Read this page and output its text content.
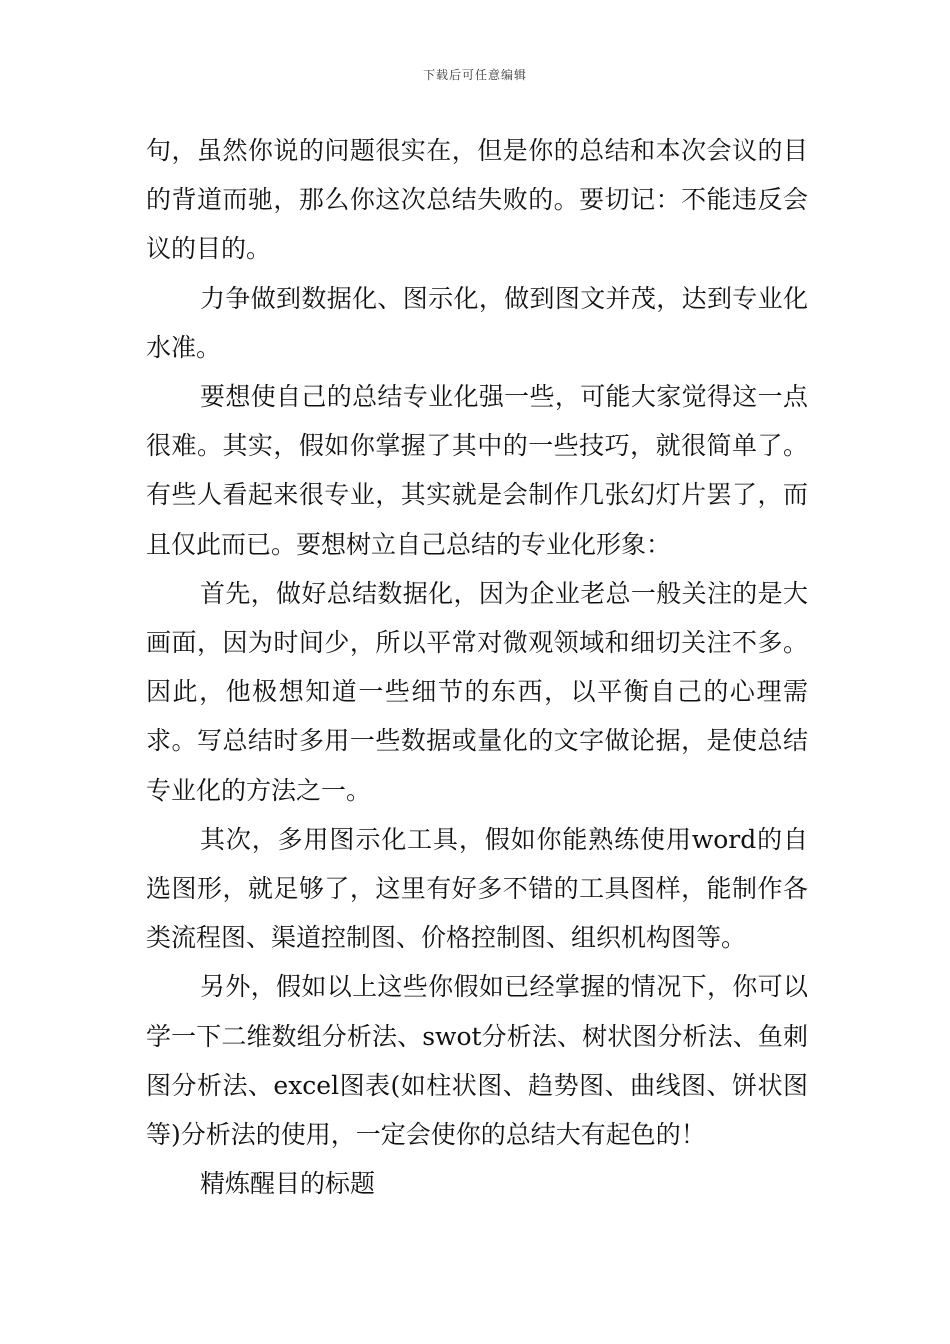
下载后可任意编辑

句，虽然你说的问题很实在，但是你的总结和本次会议的目的背道而驰，那么你这次总结失败的。要切记：不能违反会议的目的。

力争做到数据化、图示化，做到图文并茂，达到专业化水准。

要想使自己的总结专业化强一些，可能大家觉得这一点很难。其实，假如你掌握了其中的一些技巧，就很简单了。有些人看起来很专业，其实就是会制作几张幻灯片罢了，而且仅此而已。要想树立自己总结的专业化形象：

首先，做好总结数据化，因为企业老总一般关注的是大画面，因为时间少，所以平常对微观领域和细切关注不多。因此，他极想知道一些细节的东西，以平衡自己的心理需求。写总结时多用一些数据或量化的文字做论据，是使总结专业化的方法之一。

其次，多用图示化工具，假如你能熟练使用word的自选图形，就足够了，这里有好多不错的工具图样，能制作各类流程图、渠道控制图、价格控制图、组织机构图等。

另外，假如以上这些你假如已经掌握的情况下，你可以学一下二维数组分析法、swot分析法、树状图分析法、鱼刺图分析法、excel图表(如柱状图、趋势图、曲线图、饼状图等)分析法的使用，一定会使你的总结大有起色的！

精炼醒目的标题
